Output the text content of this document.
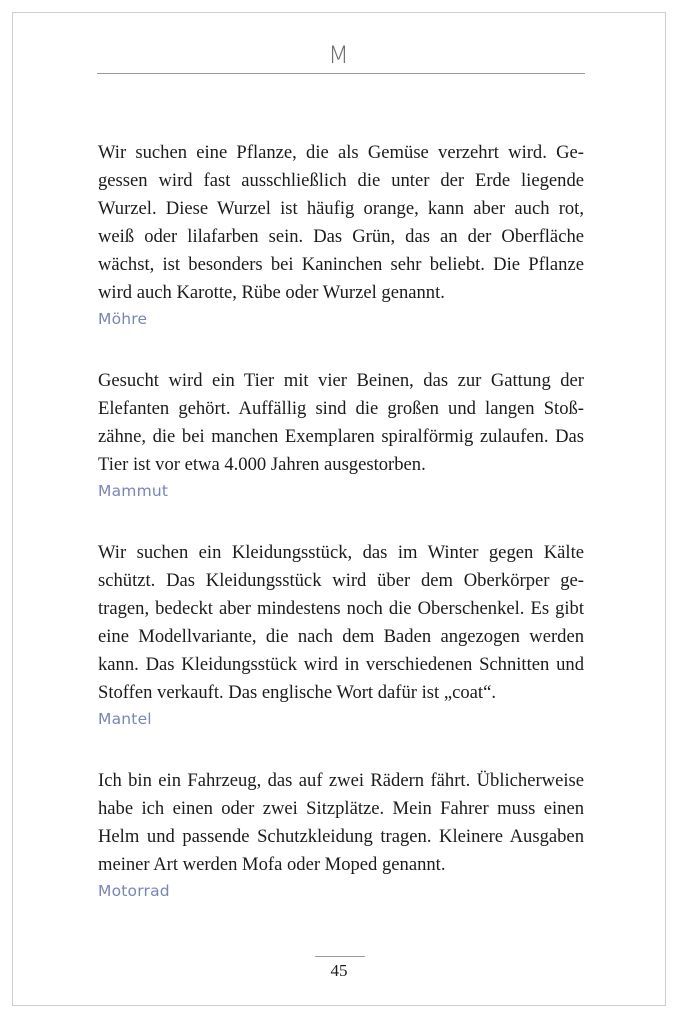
M

Wir suchen eine Pflanze, die als Gemüse verzehrt wird. Gegessen wird fast ausschließlich die unter der Erde liegende Wurzel. Diese Wurzel ist häufig orange, kann aber auch rot, weiß oder lilafarben sein. Das Grün, das an der Oberfläche wächst, ist besonders bei Kaninchen sehr beliebt. Die Pflanze wird auch Karotte, Rübe oder Wurzel genannt.

Möhre

Gesucht wird ein Tier mit vier Beinen, das zur Gattung der Elefanten gehört. Auffällig sind die großen und langen Stoßzähne, die bei manchen Exemplaren spiralförmig zulaufen. Das Tier ist vor etwa 4.000 Jahren ausgestorben.

Mammut

Wir suchen ein Kleidungsstück, das im Winter gegen Kälte schützt. Das Kleidungsstück wird über dem Oberkörper getragen, bedeckt aber mindestens noch die Oberschenkel. Es gibt eine Modellvariante, die nach dem Baden angezogen werden kann. Das Kleidungsstück wird in verschiedenen Schnitten und Stoffen verkauft. Das englische Wort dafür ist „coat“.

Mantel

Ich bin ein Fahrzeug, das auf zwei Rädern fährt. Üblicherweise habe ich einen oder zwei Sitzplätze. Mein Fahrer muss einen Helm und passende Schutzkleidung tragen. Kleinere Ausgaben meiner Art werden Mofa oder Moped genannt.

Motorrad

45
